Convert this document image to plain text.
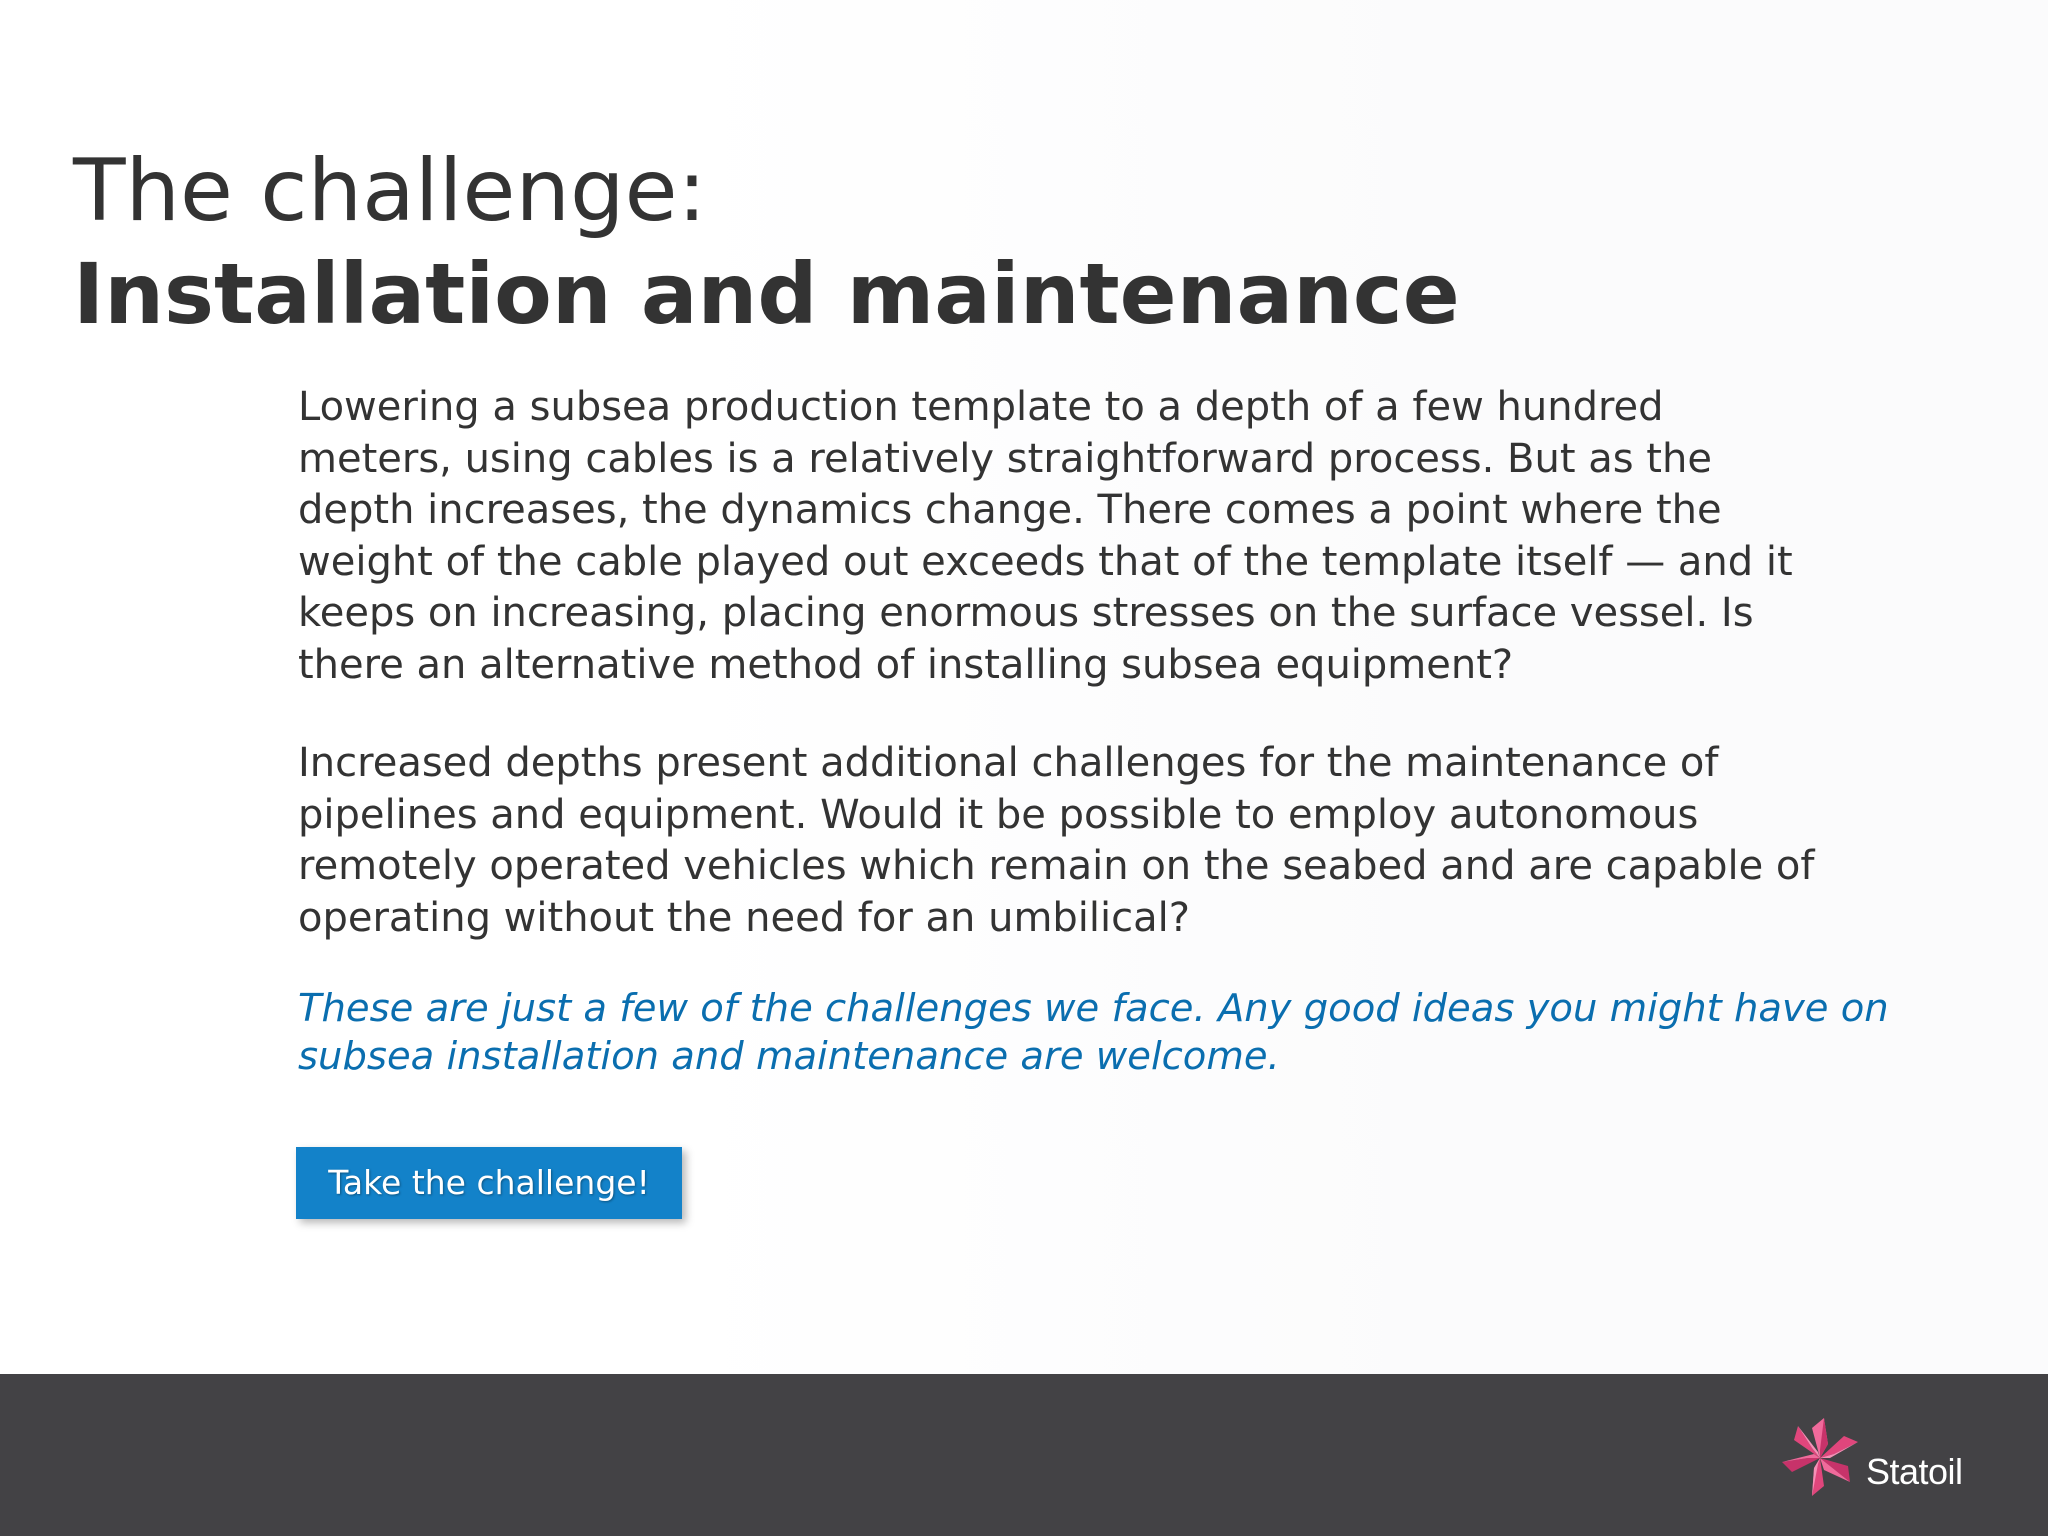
The challenge:
Installation and maintenance

Lowering a subsea production template to a depth of a few hundred

meters, using cables is a relatively straightforward process. But as the

depth increases, the dynamics change. There comes a point where the

weight of the cable played out exceeds that of the template itself — and it

keeps on increasing, placing enormous stresses on the surface vessel. Is

there an alternative method of installing subsea equipment?

Increased depths present additional challenges for the maintenance of

pipelines and equipment. Would it be possible to employ autonomous

remotely operated vehicles which remain on the seabed and are capable of

operating without the need for an umbilical?

These are just a few of the challenges we face. Any good ideas you might have on
subsea installation and maintenance are welcome.
Take the challenge!
Statoil
